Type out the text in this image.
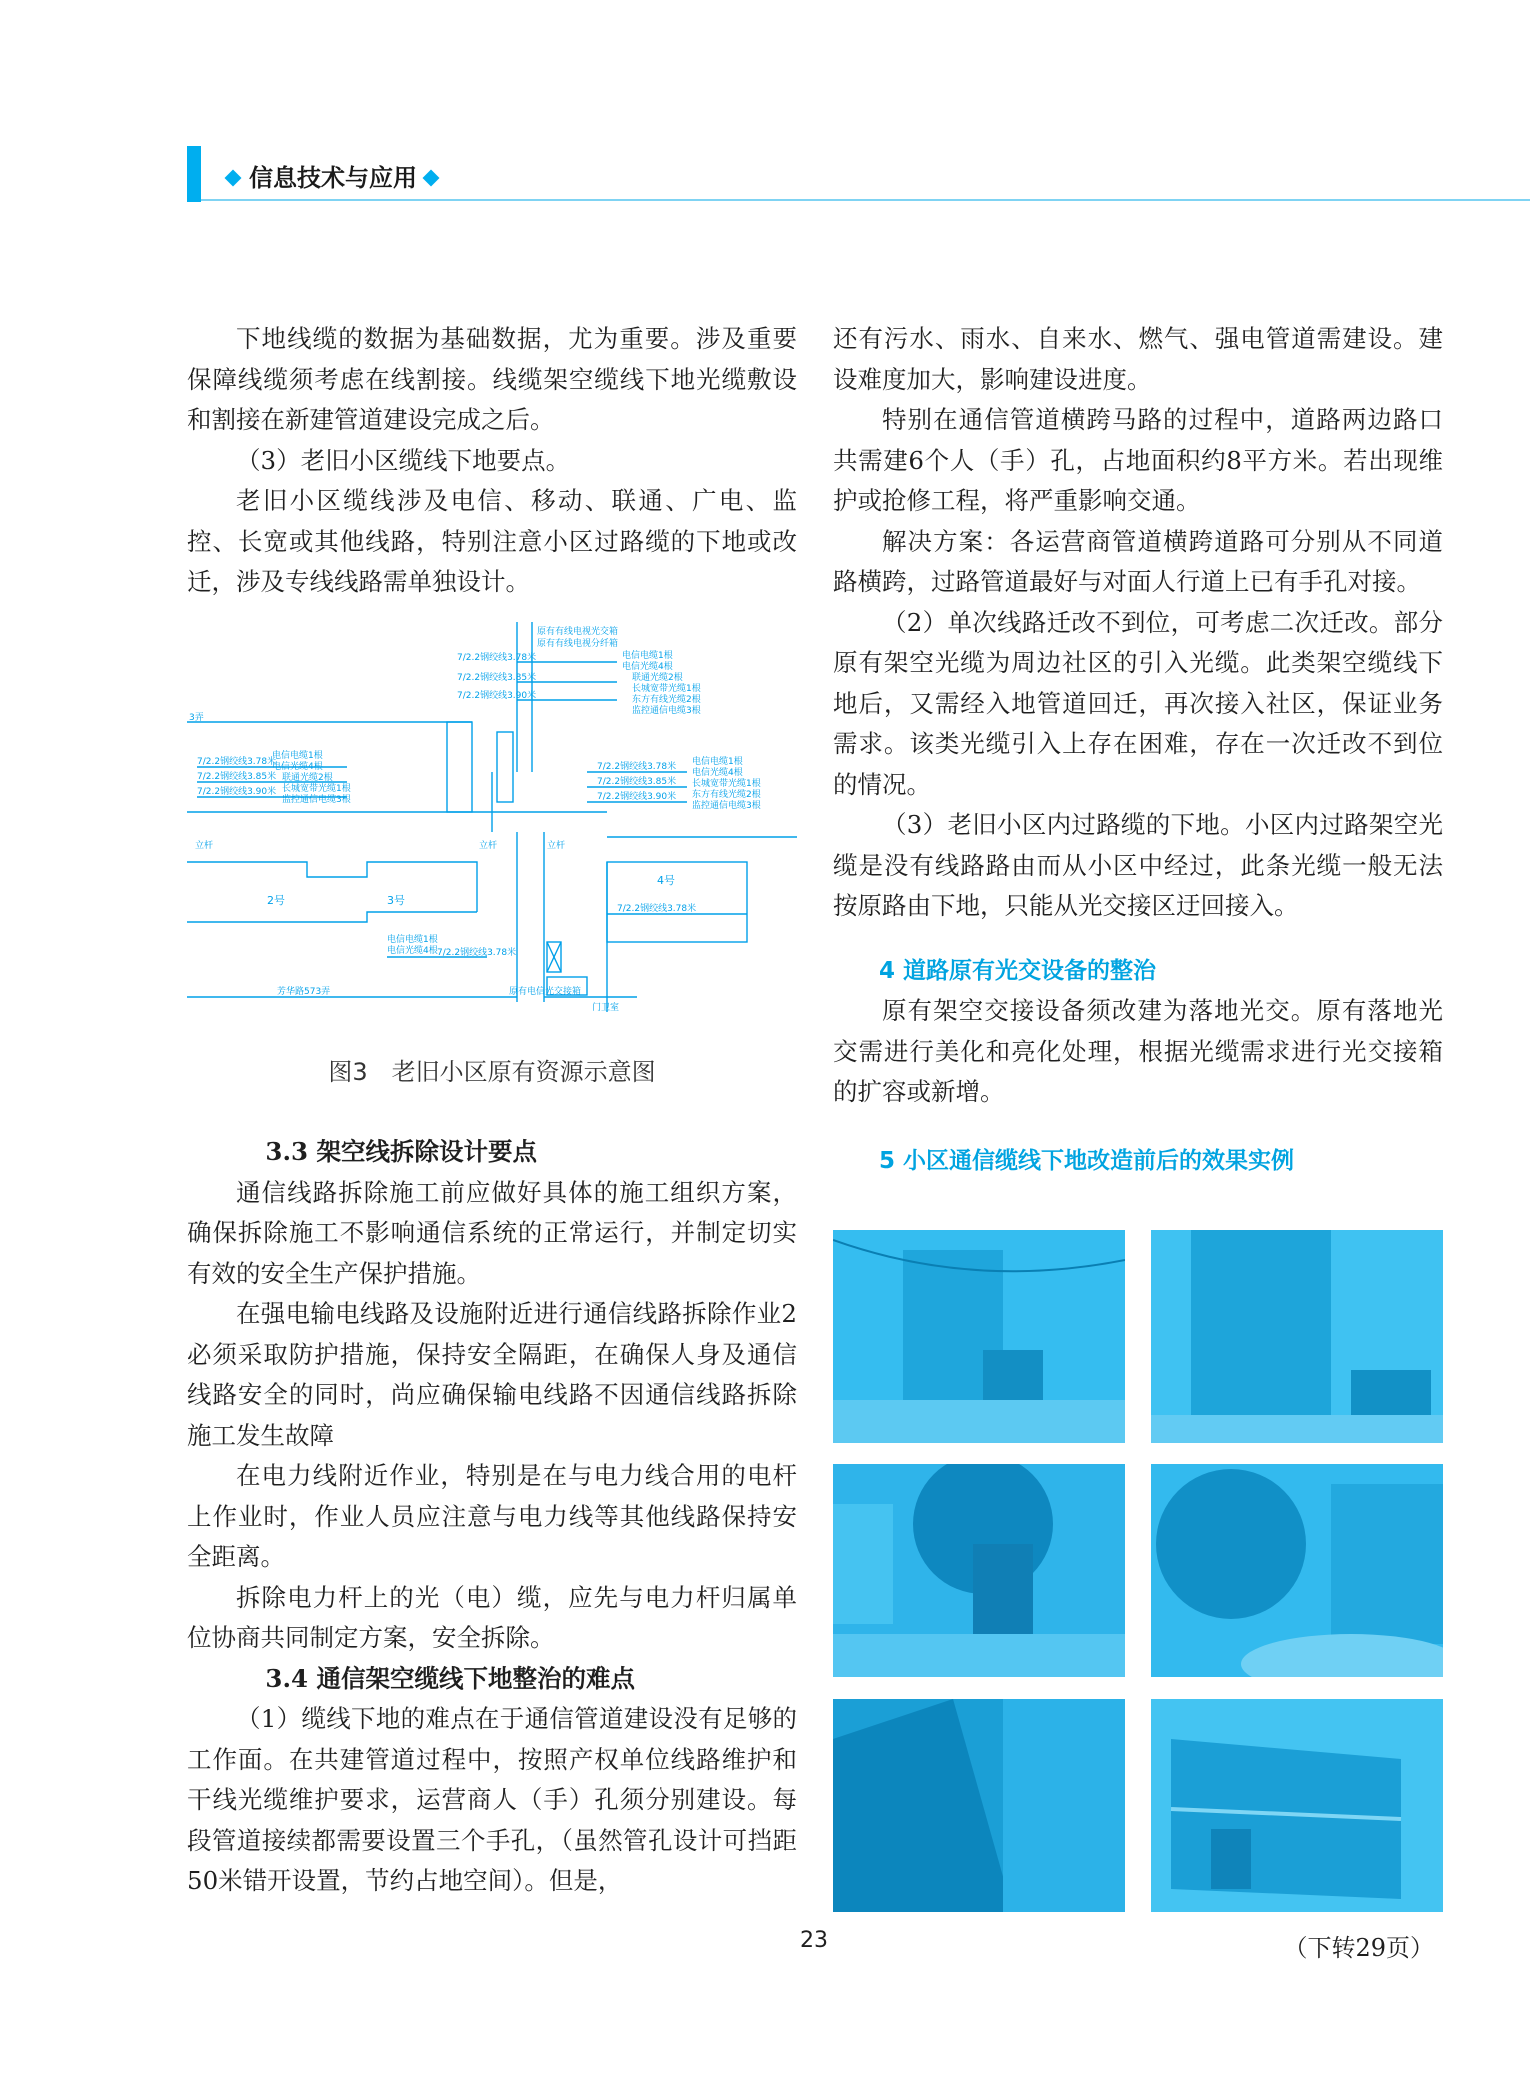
信息技术与应用

下地线缆的数据为基础数据，尤为重要。涉及重要保障线缆须考虑在线割接。线缆架空缆线下地光缆敷设和割接在新建管道建设完成之后。

（3）老旧小区缆线下地要点。

老旧小区缆线涉及电信、移动、联通、广电、监控、长宽或其他线路，特别注意小区过路缆的下地或改迁，涉及专线线路需单独设计。

原有有线电视光交箱
原有有线电视分纤箱
7/2.2钢绞线3.78米
7/2.2钢绞线3.85米
7/2.2钢绞线3.90米
电信电缆1根
电信光缆4根
联通光缆2根
长城宽带光缆1根
东方有线光缆2根
监控通信电缆3根
3弄
7/2.2钢绞线3.78米
7/2.2钢绞线3.85米
7/2.2钢绞线3.90米
电信电缆1根
电信光缆4根
联通光缆2根
长城宽带光缆1根
监控通信电缆3根
7/2.2钢绞线3.78米
7/2.2钢绞线3.85米
7/2.2钢绞线3.90米
电信电缆1根
电信光缆4根
长城宽带光缆1根
东方有线光缆2根
监控通信电缆3根
立杆	立杆	立杆
2号	3号
4号
电信电缆1根
电信光缆4根 7/2.2钢绞线3.78米
7/2.2钢绞线3.78米
芳华路573弄	原有电信光交接箱
门卫室
图3　老旧小区原有资源示意图

3.3 架空线拆除设计要点

通信线路拆除施工前应做好具体的施工组织方案，确保拆除施工不影响通信系统的正常运行，并制定切实有效的安全生产保护措施。

在强电输电线路及设施附近进行通信线路拆除作业2必须采取防护措施，保持安全隔距，在确保人身及通信线路安全的同时，尚应确保输电线路不因通信线路拆除施工发生故障

在电力线附近作业，特别是在与电力线合用的电杆上作业时，作业人员应注意与电力线等其他线路保持安全距离。

拆除电力杆上的光（电）缆，应先与电力杆归属单位协商共同制定方案，安全拆除。

3.4 通信架空缆线下地整治的难点

（1）缆线下地的难点在于通信管道建设没有足够的工作面。在共建管道过程中，按照产权单位线路维护和干线光缆维护要求，运营商人（手）孔须分别建设。每段管道接续都需要设置三个手孔，（虽然管孔设计可挡距50米错开设置，节约占地空间）。但是，

还有污水、雨水、自来水、燃气、强电管道需建设。建设难度加大，影响建设进度。

特别在通信管道横跨马路的过程中，道路两边路口共需建6个人（手）孔，占地面积约8平方米。若出现维护或抢修工程，将严重影响交通。

解决方案：各运营商管道横跨道路可分别从不同道路横跨，过路管道最好与对面人行道上已有手孔对接。

（2）单次线路迁改不到位，可考虑二次迁改。部分原有架空光缆为周边社区的引入光缆。此类架空缆线下地后，又需经入地管道回迁，再次接入社区，保证业务需求。该类光缆引入上存在困难，存在一次迁改不到位的情况。

（3）老旧小区内过路缆的下地。小区内过路架空光缆是没有线路路由而从小区中经过，此条光缆一般无法按原路由下地，只能从光交接区迂回接入。

4 道路原有光交设备的整治

原有架空交接设备须改建为落地光交。原有落地光交需进行美化和亮化处理，根据光缆需求进行光交接箱的扩容或新增。

5 小区通信缆线下地改造前后的效果实例

23	（下转29页）
